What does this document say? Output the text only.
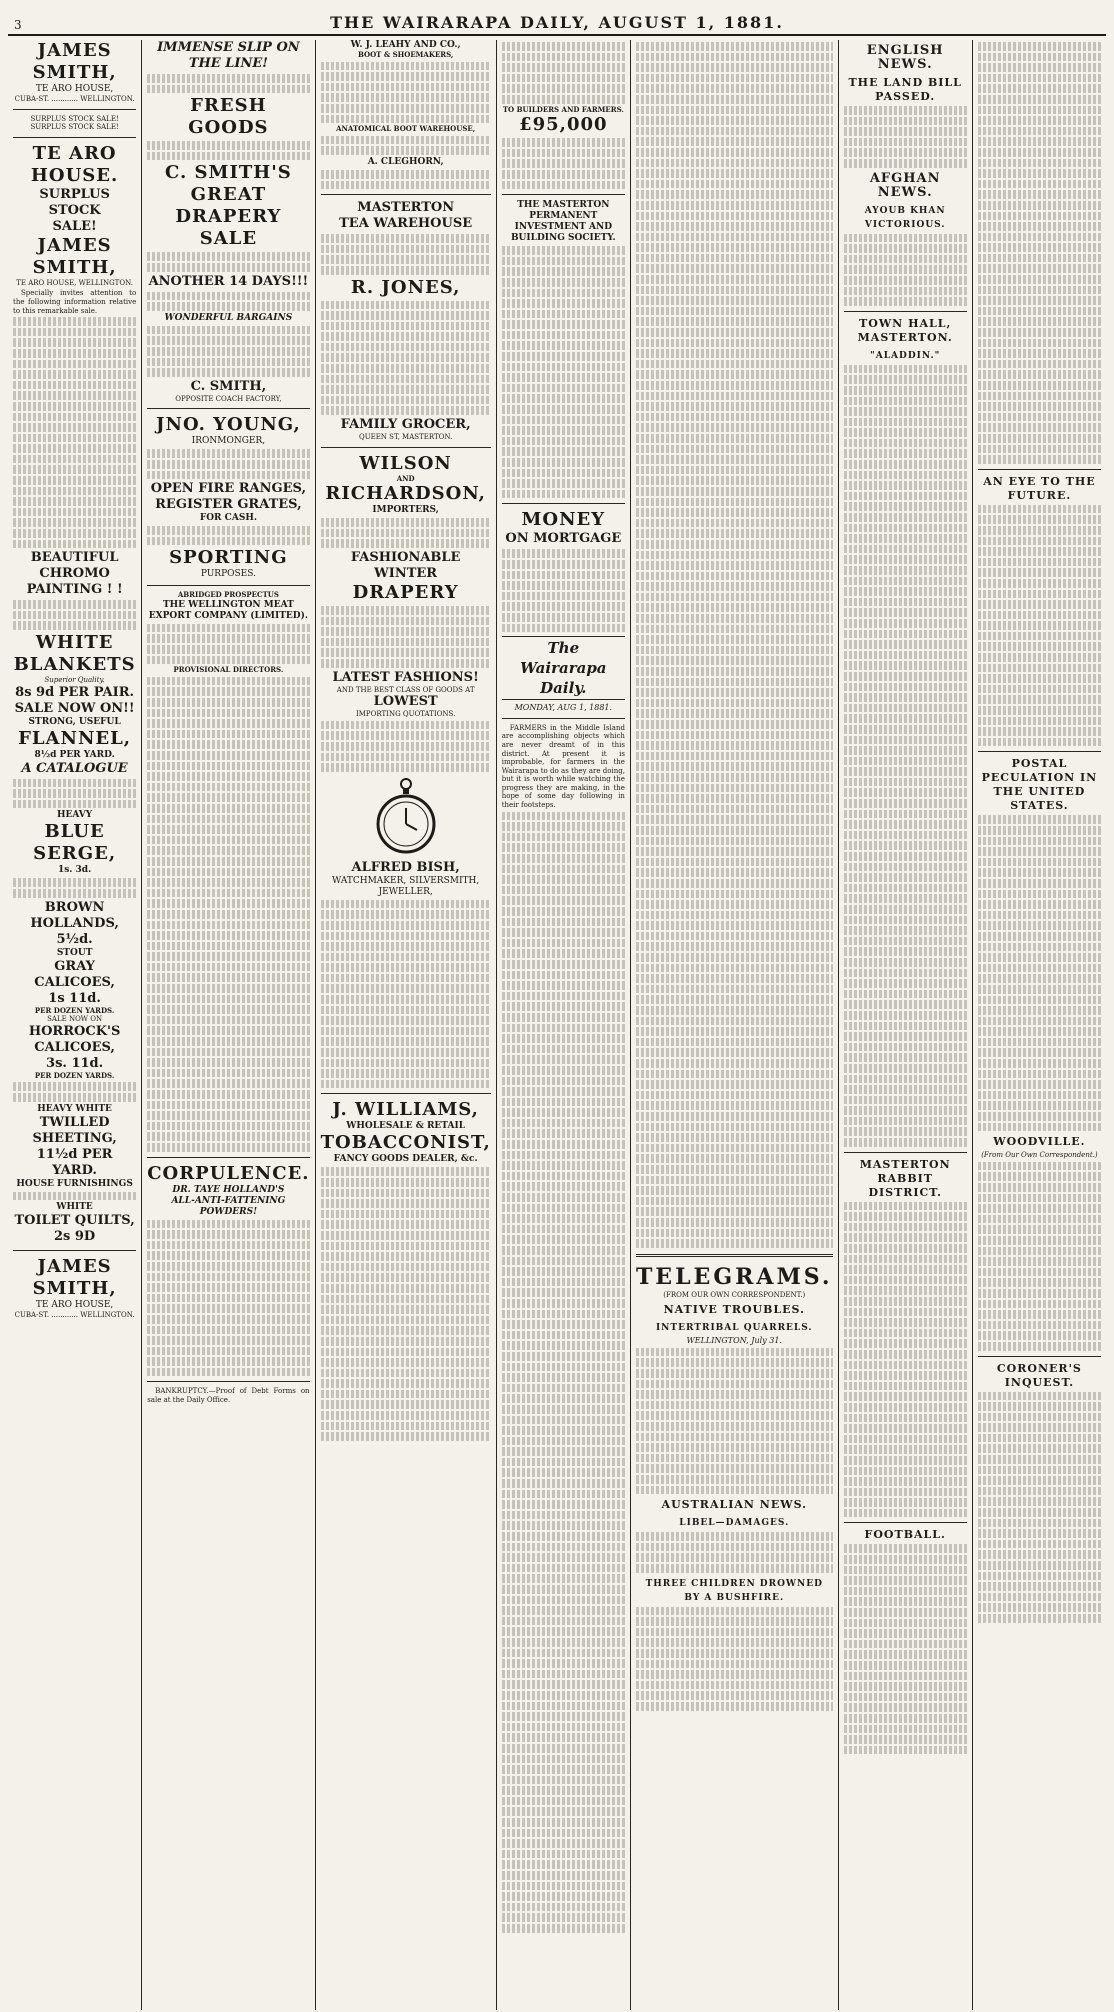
3	THE WAIRARAPA DAILY, AUGUST 1, 1881.
JAMES SMITH,
TE ARO HOUSE,
CUBA-ST. ............ WELLINGTON.
SURPLUS STOCK SALE!
SURPLUS STOCK SALE!
TE ARO HOUSE.
SURPLUS STOCK
SALE!
JAMES SMITH,
TE ARO HOUSE, WELLINGTON.
Specially invites attention to the following information relative to this remarkable sale.
BEAUTIFUL
CHROMO PAINTING ! !
WHITE BLANKETS
Superior Quality.
8s 9d PER PAIR.
SALE NOW ON!!
STRONG, USEFUL
FLANNEL,
8½d PER YARD.
A CATALOGUE
HEAVY
BLUE SERGE,
1s. 3d.
BROWN HOLLANDS,
5½d.
STOUT
GRAY CALICOES,
1s 11d.
PER DOZEN YARDS.
SALE NOW ON
HORROCK'S CALICOES,
3s. 11d.
PER DOZEN YARDS.
HEAVY WHITE
TWILLED SHEETING,
11½d PER YARD.
HOUSE FURNISHINGS
WHITE
TOILET QUILTS,
2s 9D
JAMES SMITH,
TE ARO HOUSE,
CUBA-ST. ............ WELLINGTON.
IMMENSE SLIP ON THE LINE!
FRESH GOODS
C. SMITH'S
GREAT
DRAPERY SALE
ANOTHER 14 DAYS!!!
WONDERFUL BARGAINS
C. SMITH,
OPPOSITE COACH FACTORY,
JNO. YOUNG,
IRONMONGER,
OPEN FIRE RANGES,
REGISTER GRATES,
FOR CASH.
SPORTING
PURPOSES.
ABRIDGED PROSPECTUS
THE WELLINGTON MEAT EXPORT COMPANY (LIMITED).
PROVISIONAL DIRECTORS.
CORPULENCE.
DR. TAYE HOLLAND'S
ALL-ANTI-FATTENING POWDERS!
BANKRUPTCY.—Proof of Debt Forms on sale at the Daily Office.
W. J. LEAHY AND CO.,
BOOT & SHOEMAKERS,
ANATOMICAL BOOT WAREHOUSE,
A. CLEGHORN,
MASTERTON
TEA WAREHOUSE
R. JONES,
FAMILY GROCER,
QUEEN ST, MASTERTON.
WILSON
AND
RICHARDSON,
IMPORTERS,
FASHIONABLE WINTER
DRAPERY
LATEST FASHIONS!
AND THE BEST CLASS OF GOODS AT
LOWEST
IMPORTING QUOTATIONS.
ALFRED BISH,
WATCHMAKER, SILVERSMITH, JEWELLER,
J. WILLIAMS,
WHOLESALE & RETAIL
TOBACCONIST,
FANCY GOODS DEALER, &c.
TO BUILDERS AND FARMERS.
£95,000
THE MASTERTON PERMANENT INVESTMENT AND BUILDING SOCIETY.
MONEY
ON MORTGAGE
The Wairarapa Daily.
MONDAY, AUG 1, 1881.
FARMERS in the Middle Island are accomplishing objects which are never dreamt of in this district. At present it is improbable, for farmers in the Wairarapa to do as they are doing, but it is worth while watching the progress they are making, in the hope of some day following in their footsteps.
TELEGRAMS.
(FROM OUR OWN CORRESPONDENT.)
NATIVE TROUBLES.
INTERTRIBAL QUARRELS.
WELLINGTON, July 31.
AUSTRALIAN NEWS.
LIBEL—DAMAGES.
THREE CHILDREN DROWNED BY A BUSHFIRE.
ENGLISH NEWS.
THE LAND BILL PASSED.
AFGHAN NEWS.
AYOUB KHAN VICTORIOUS.
TOWN HALL, MASTERTON.
"ALADDIN."
MASTERTON RABBIT DISTRICT.
FOOTBALL.
AN EYE TO THE FUTURE.
POSTAL PECULATION IN THE UNITED STATES.
WOODVILLE.
(From Our Own Correspondent.)
CORONER'S INQUEST.
